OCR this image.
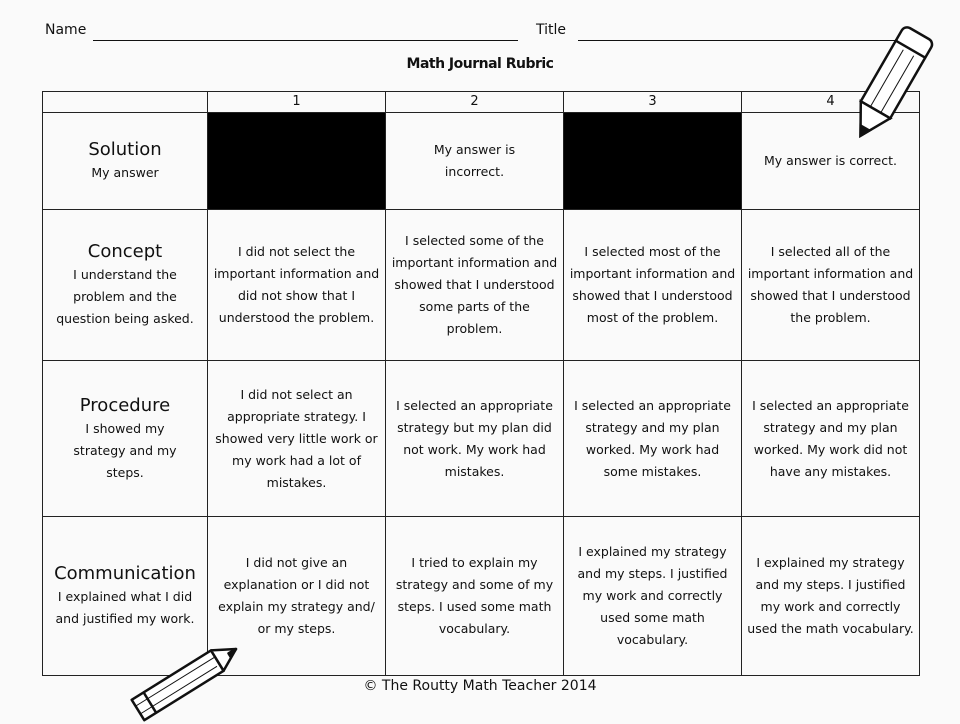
Name	Title
Math Journal Rubric
	1	2	3	4

Solution
My answer		My answer is incorrect.		My answer is correct.

Concept
I understand the problem and the question being asked.	I did not select the important information and did not show that I understood the problem.	I selected some of the important information and showed that I understood some parts of the problem.	I selected most of the important information and showed that I understood most of the problem.	I selected all of the important information and showed that I understood the problem.

Procedure
I showed my strategy and my steps.	I did not select an appropriate strategy. I showed very little work or my work had a lot of mistakes.	I selected an appropriate strategy but my plan did not work. My work had mistakes.	I selected an appropriate strategy and my plan worked. My work had some mistakes.	I selected an appropriate strategy and my plan worked. My work did not have any mistakes.

Communication
I explained what I did and justified my work.	I did not give an explanation or I did not explain my strategy and/ or my steps.	I tried to explain my strategy and some of my steps. I used some math vocabulary.	I explained my strategy and my steps. I justified my work and correctly used some math vocabulary.	I explained my strategy and my steps. I justified my work and correctly used the math vocabulary.
© The Routty Math Teacher 2014
